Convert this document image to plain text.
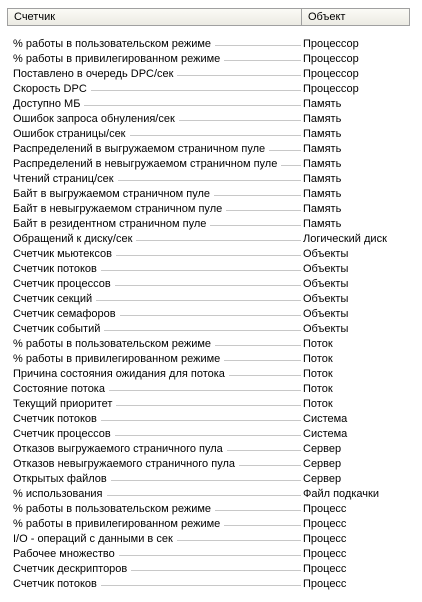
Счетчик	Объект
% работы в пользовательском режиме	Процессор
% работы в привилегированном режиме	Процессор
Поставлено в очередь DPC/сек	Процессор
Скорость DPC	Процессор
Доступно МБ	Память
Ошибок запроса обнуления/сек	Память
Ошибок страницы/сек	Память
Распределений в выгружаемом страничном пуле	Память
Распределений в невыгружаемом страничном пуле	Память
Чтений страниц/сек	Память
Байт в выгружаемом страничном пуле	Память
Байт в невыгружаемом страничном пуле	Память
Байт в резидентном страничном пуле	Память
Обращений к диску/сек	Логический диск
Счетчик мьютексов	Объекты
Счетчик потоков	Объекты
Счетчик процессов	Объекты
Счетчик секций	Объекты
Счетчик семафоров	Объекты
Счетчик событий	Объекты
% работы в пользовательском режиме	Поток
% работы в привилегированном режиме	Поток
Причина состояния ожидания для потока	Поток
Состояние потока	Поток
Текущий приоритет	Поток
Счетчик потоков	Система
Счетчик процессов	Система
Отказов выгружаемого страничного пула	Сервер
Отказов невыгружаемого страничного пула	Сервер
Открытых файлов	Сервер
% использования	Файл подкачки
% работы в пользовательском режиме	Процесс
% работы в привилегированном режиме	Процесс
I/O - операций с данными в сек	Процесс
Рабочее множество	Процесс
Счетчик дескрипторов	Процесс
Счетчик потоков	Процесс
